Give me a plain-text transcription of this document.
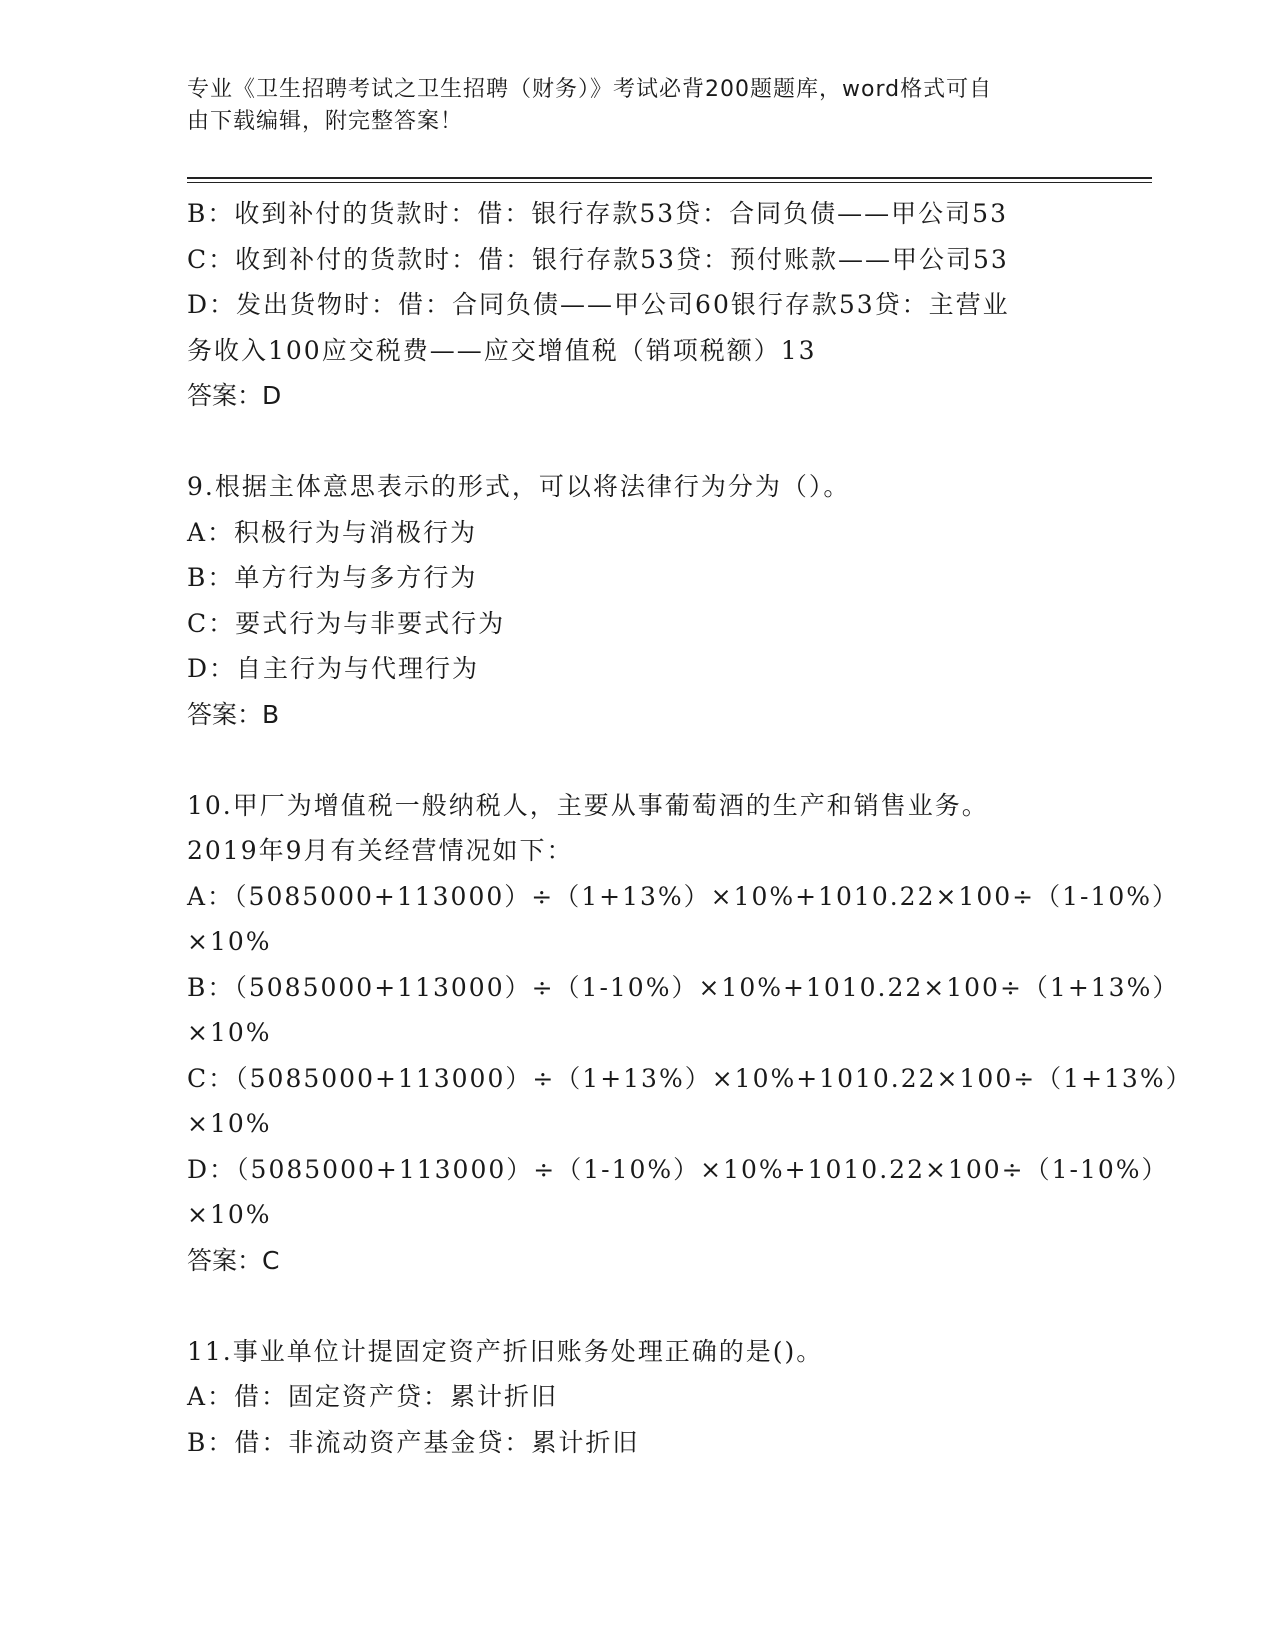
专业《卫生招聘考试之卫生招聘（财务）》考试必背200题题库，word格式可自
由下载编辑，附完整答案！
B：收到补付的货款时：借：银行存款53贷：合同负债——甲公司53
C：收到补付的货款时：借：银行存款53贷：预付账款——甲公司53
D：发出货物时：借：合同负债——甲公司60银行存款53贷：主营业
务收入100应交税费——应交增值税（销项税额）13
答案：D
9.根据主体意思表示的形式，可以将法律行为分为（）。
A：积极行为与消极行为
B：单方行为与多方行为
C：要式行为与非要式行为
D：自主行为与代理行为
答案：B
10.甲厂为增值税一般纳税人，主要从事葡萄酒的生产和销售业务。
2019年9月有关经营情况如下：
A：（5085000+113000）÷（1+13%）×10%+1010.22×100÷（1-10%）
×10%
B：（5085000+113000）÷（1-10%）×10%+1010.22×100÷（1+13%）
×10%
C：（5085000+113000）÷（1+13%）×10%+1010.22×100÷（1+13%）
×10%
D：（5085000+113000）÷（1-10%）×10%+1010.22×100÷（1-10%）
×10%
答案：C
11.事业单位计提固定资产折旧账务处理正确的是()。
A：借：固定资产贷：累计折旧
B：借：非流动资产基金贷：累计折旧
